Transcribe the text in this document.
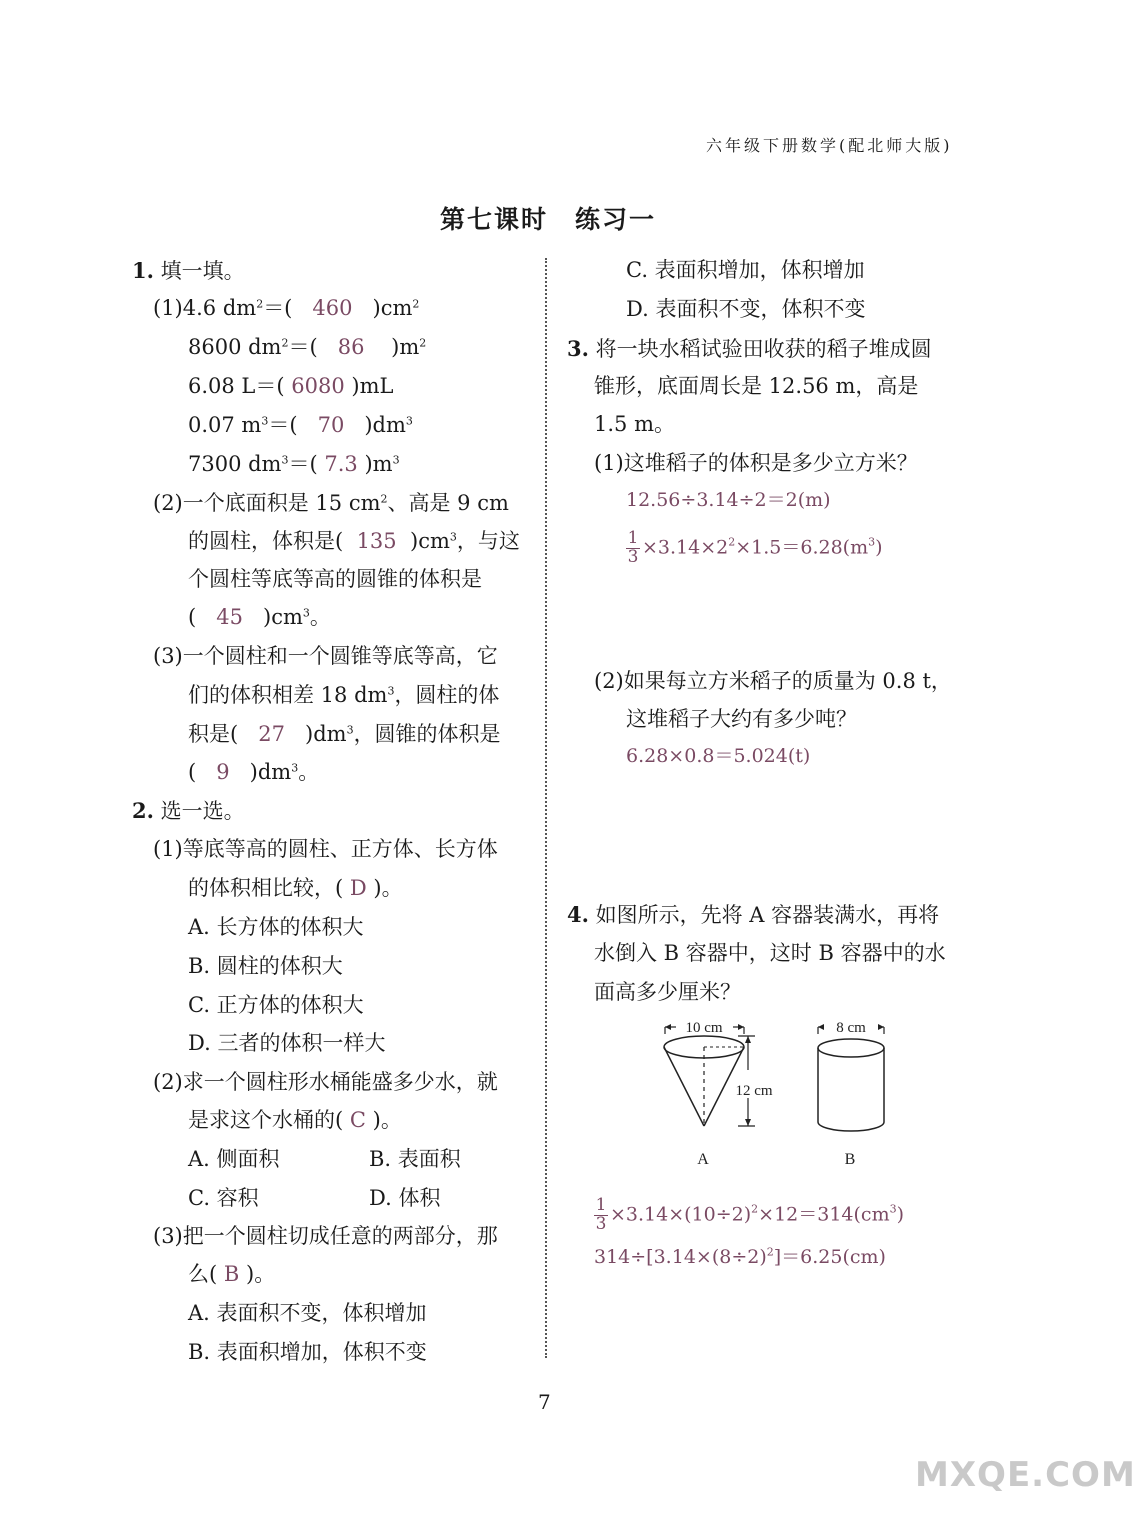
六年级下册数学(配北师大版)
第七课时　练习一
1. 填一填。
(1)4.6 $dm^2=$( 460 )$cm^2$
8600 $dm^2=$( 86 )$m^2$
6.08 L＝( 6080 )mL
0.07 $m^3=$( 70 )$dm^3$
7300 $dm^3=$( 7.3 )$m^3$
(2)一个底面积是 15 $cm^2$、高是 9 cm
的圆柱，体积是( 135 )$cm^3$，与这
个圆柱等底等高的圆锥的体积是
( 45 )$cm^3$。
(3)一个圆柱和一个圆锥等底等高，它
们的体积相差 18 $dm^3$，圆柱的体
积是( 27 )$dm^3$，圆锥的体积是
( 9 )$dm^3$。
2. 选一选。
(1)等底等高的圆柱、正方体、长方体
的体积相比较，( D )。
A. 长方体的体积大
B. 圆柱的体积大
C. 正方体的体积大
D. 三者的体积一样大
(2)求一个圆柱形水桶能盛多少水，就
是求这个水桶的( C )。
A. 侧面积	B. 表面积
C. 容积	D. 体积
(3)把一个圆柱切成任意的两部分，那
么( B )。
A. 表面积不变，体积增加
B. 表面积增加，体积不变
C. 表面积增加，体积增加
D. 表面积不变，体积不变
3. 将一块水稻试验田收获的稻子堆成圆
锥形，底面周长是 12.56 m，高是
1.5 m。
(1)这堆稻子的体积是多少立方米？
12.56÷3.14÷2＝2(m)
$\frac{1}{3} \times 3.14\times 2^2\times 1.5=6.28(m^3)$
(2)如果每立方米稻子的质量为 0.8 t，
这堆稻子大约有多少吨？
6.28×0.8＝5.024(t)
4. 如图所示，先将 A 容器装满水，再将
水倒入 B 容器中，这时 B 容器中的水
面高多少厘米？
10 cm
12 cm
8 cm
A	B
$\frac{1}{3} \times 3.14\times(10\div 2)^2\times 12=314(cm^3)$
$314\div[3.14\times(8\div 2)^2]=6.25(cm)$
7
MXQE.COM
